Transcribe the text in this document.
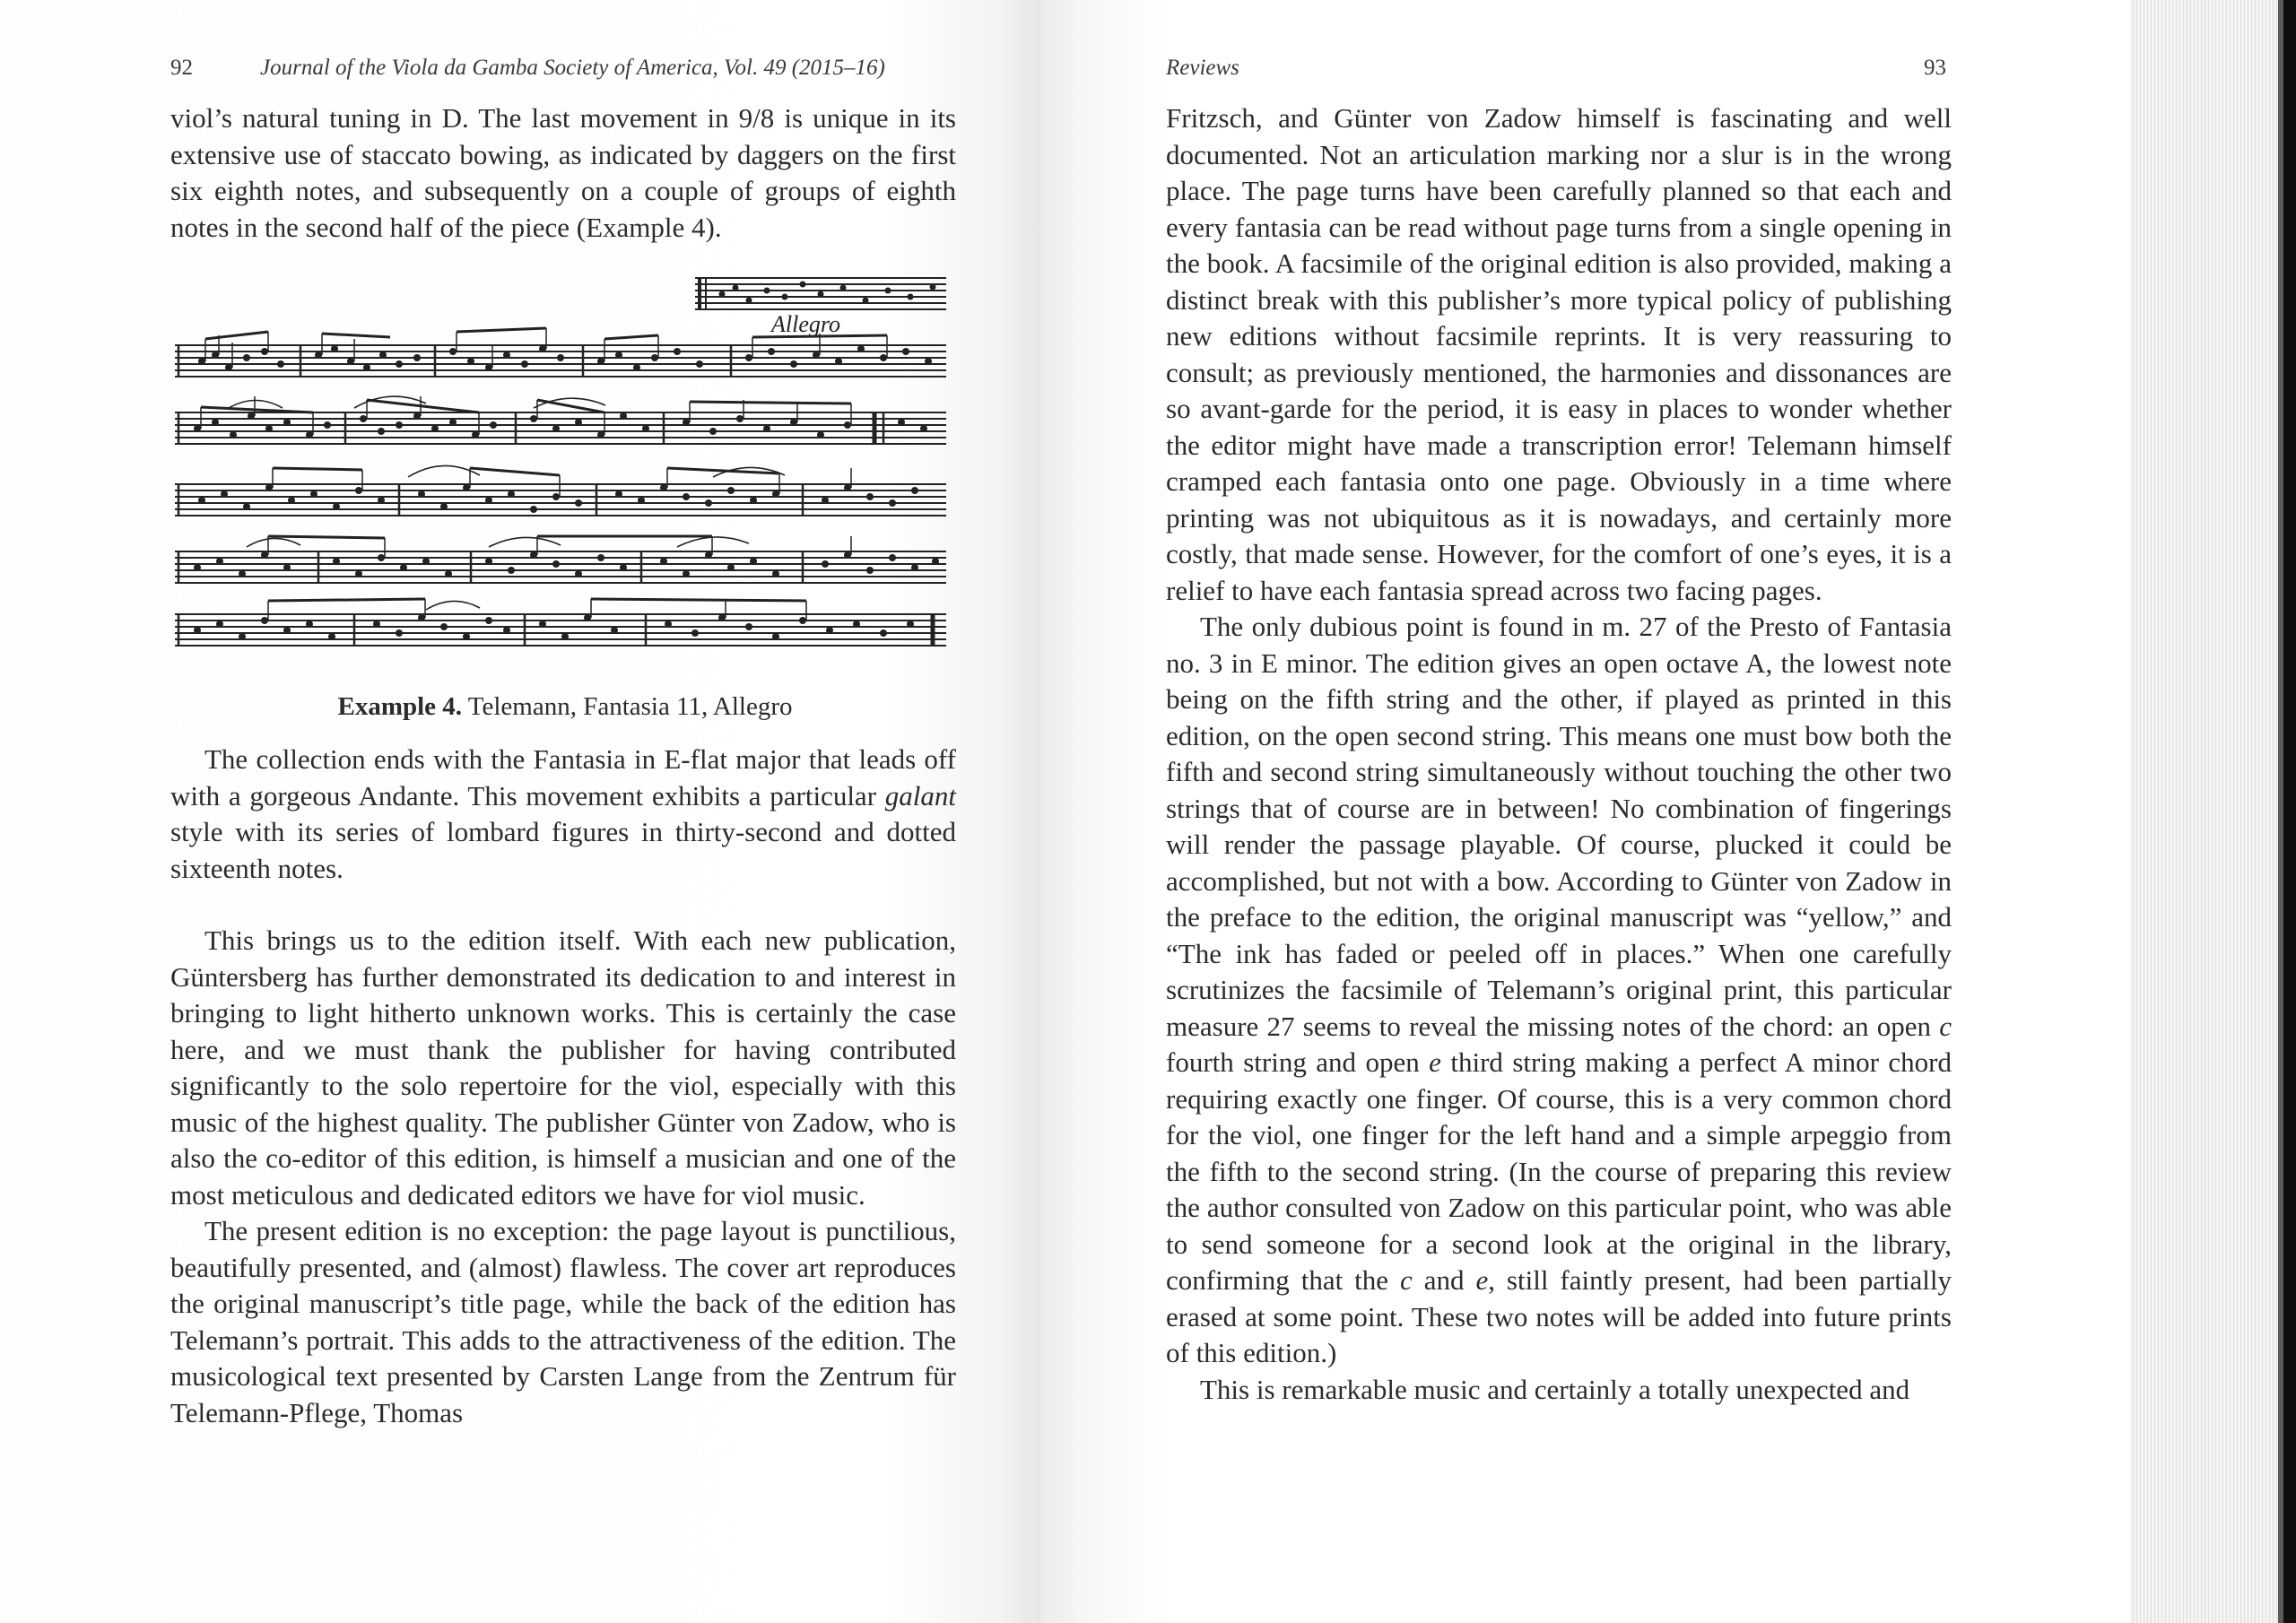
92	Journal of the Viola da Gamba Society of America, Vol. 49 (2015–16)

viol’s natural tuning in D. The last movement in 9/8 is unique in its extensive use of staccato bowing, as indicated by daggers on the first six eighth notes, and subsequently on a couple of groups of eighth notes in the second half of the piece (Example 4).

Allegro
Example 4. Telemann, Fantasia 11, Allegro

The collection ends with the Fantasia in E-flat major that leads off with a gorgeous Andante. This movement exhibits a particular galant style with its series of lombard figures in thirty-second and dotted sixteenth notes.

This brings us to the edition itself. With each new publication, Güntersberg has further demonstrated its dedication to and interest in bringing to light hitherto unknown works. This is certainly the case here, and we must thank the publisher for having contributed significantly to the solo repertoire for the viol, especially with this music of the highest quality. The publisher Günter von Zadow, who is also the co-editor of this edition, is himself a musician and one of the most meticulous and dedicated editors we have for viol music.

The present edition is no exception: the page layout is punctilious, beautifully presented, and (almost) flawless. The cover art reproduces the original manuscript’s title page, while the back of the edition has Telemann’s portrait. This adds to the attractiveness of the edition. The musicological text presented by Carsten Lange from the Zentrum für Telemann-Pflege, Thomas

Reviews	93

Fritzsch, and Günter von Zadow himself is fascinating and well documented. Not an articulation marking nor a slur is in the wrong place. The page turns have been carefully planned so that each and every fantasia can be read without page turns from a single opening in the book. A facsimile of the original edition is also provided, making a distinct break with this publisher’s more typical policy of publishing new editions without facsimile reprints. It is very reassuring to consult; as previously mentioned, the harmonies and dissonances are so avant-garde for the period, it is easy in places to wonder whether the editor might have made a transcription error! Telemann himself cramped each fantasia onto one page. Obviously in a time where printing was not ubiquitous as it is nowadays, and certainly more costly, that made sense. However, for the comfort of one’s eyes, it is a relief to have each fantasia spread across two facing pages.

The only dubious point is found in m. 27 of the Presto of Fantasia no. 3 in E minor. The edition gives an open octave A, the lowest note being on the fifth string and the other, if played as printed in this edition, on the open second string. This means one must bow both the fifth and second string simultaneously without touching the other two strings that of course are in between! No combination of fingerings will render the passage playable. Of course, plucked it could be accomplished, but not with a bow. According to Günter von Zadow in the preface to the edition, the original manuscript was “yellow,” and “The ink has faded or peeled off in places.” When one carefully scrutinizes the facsimile of Telemann’s original print, this particular measure 27 seems to reveal the missing notes of the chord: an open c fourth string and open e third string making a perfect A minor chord requiring exactly one finger. Of course, this is a very common chord for the viol, one finger for the left hand and a simple arpeggio from the fifth to the second string. (In the course of preparing this review the author consulted von Zadow on this particular point, who was able to send someone for a second look at the original in the library, confirming that the c and e, still faintly present, had been partially erased at some point. These two notes will be added into future prints of this edition.)

This is remarkable music and certainly a totally unexpected and
